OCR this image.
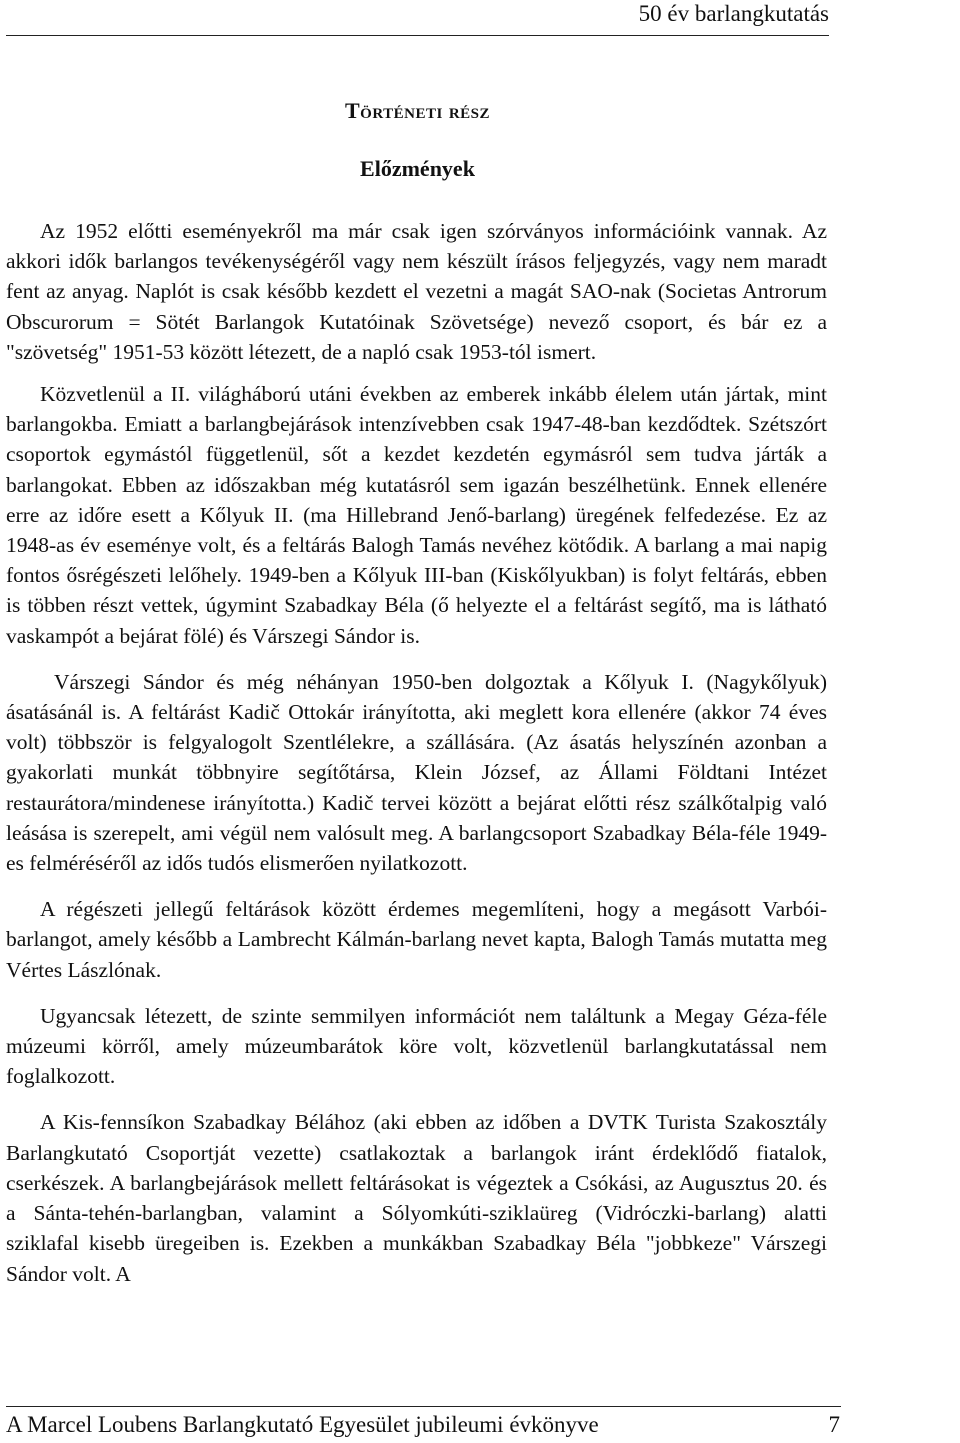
50 év barlangkutatás
Történeti rész
Előzmények

Az 1952 előtti eseményekről ma már csak igen szórványos információink vannak. Az akkori idők barlangos tevékenységéről vagy nem készült írásos feljegyzés, vagy nem maradt fent az anyag. Naplót is csak később kezdett el vezetni a magát SAO-nak (Societas Antrorum Obscurorum = Sötét Barlangok Kutatóinak Szövetsége) nevező csoport, és bár ez a "szövetség" 1951-53 között létezett, de a napló csak 1953-tól ismert.

Közvetlenül a II. világháború utáni években az emberek inkább élelem után jártak, mint barlangokba. Emiatt a barlangbejárások intenzívebben csak 1947-48-ban kezdődtek. Szétszórt csoportok egymástól függetlenül, sőt a kezdet kezdetén egymásról sem tudva járták a barlangokat. Ebben az időszakban még kutatásról sem igazán beszélhetünk. Ennek ellenére erre az időre esett a Kőlyuk II. (ma Hillebrand Jenő-barlang) üregének felfedezése. Ez az 1948-as év eseménye volt, és a feltárás Balogh Tamás nevéhez kötődik. A barlang a mai napig fontos ősrégészeti lelőhely. 1949-ben a Kőlyuk III-ban (Kiskőlyukban) is folyt feltárás, ebben is többen részt vettek, úgymint Szabadkay Béla (ő helyezte el a feltárást segítő, ma is látható vaskampót a bejárat fölé) és Várszegi Sándor is.

Várszegi Sándor és még néhányan 1950-ben dolgoztak a Kőlyuk I. (Nagykőlyuk) ásatásánál is. A feltárást Kadič Ottokár irányította, aki meglett kora ellenére (akkor 74 éves volt) többször is felgyalogolt Szentlélekre, a szállására. (Az ásatás helyszínén azonban a gyakorlati munkát többnyire segítőtársa, Klein József, az Állami Földtani Intézet restaurátora/mindenese irányította.) Kadič tervei között a bejárat előtti rész szálkőtalpig való leásása is szerepelt, ami végül nem valósult meg. A barlangcsoport Szabadkay Béla-féle 1949-es felméréséről az idős tudós elismerően nyilatkozott.

A régészeti jellegű feltárások között érdemes megemlíteni, hogy a megásott Varbói-barlangot, amely később a Lambrecht Kálmán-barlang nevet kapta, Balogh Tamás mutatta meg Vértes Lászlónak.

Ugyancsak létezett, de szinte semmilyen információt nem találtunk a Megay Géza-féle múzeumi körről, amely múzeumbarátok köre volt, közvetlenül barlangkutatással nem foglalkozott.

A Kis-fennsíkon Szabadkay Bélához (aki ebben az időben a DVTK Turista Szakosztály Barlangkutató Csoportját vezette) csatlakoztak a barlangok iránt érdeklődő fiatalok, cserkészek. A barlangbejárások mellett feltárásokat is végeztek a Csókási, az Augusztus 20. és a Sánta-tehén-barlangban, valamint a Sólyomkúti-sziklaüreg (Vidróczki-barlang) alatti sziklafal kisebb üregeiben is. Ezekben a munkákban Szabadkay Béla "jobbkeze" Várszegi Sándor volt. A

A Marcel Loubens Barlangkutató Egyesület jubileumi évkönyve	7
